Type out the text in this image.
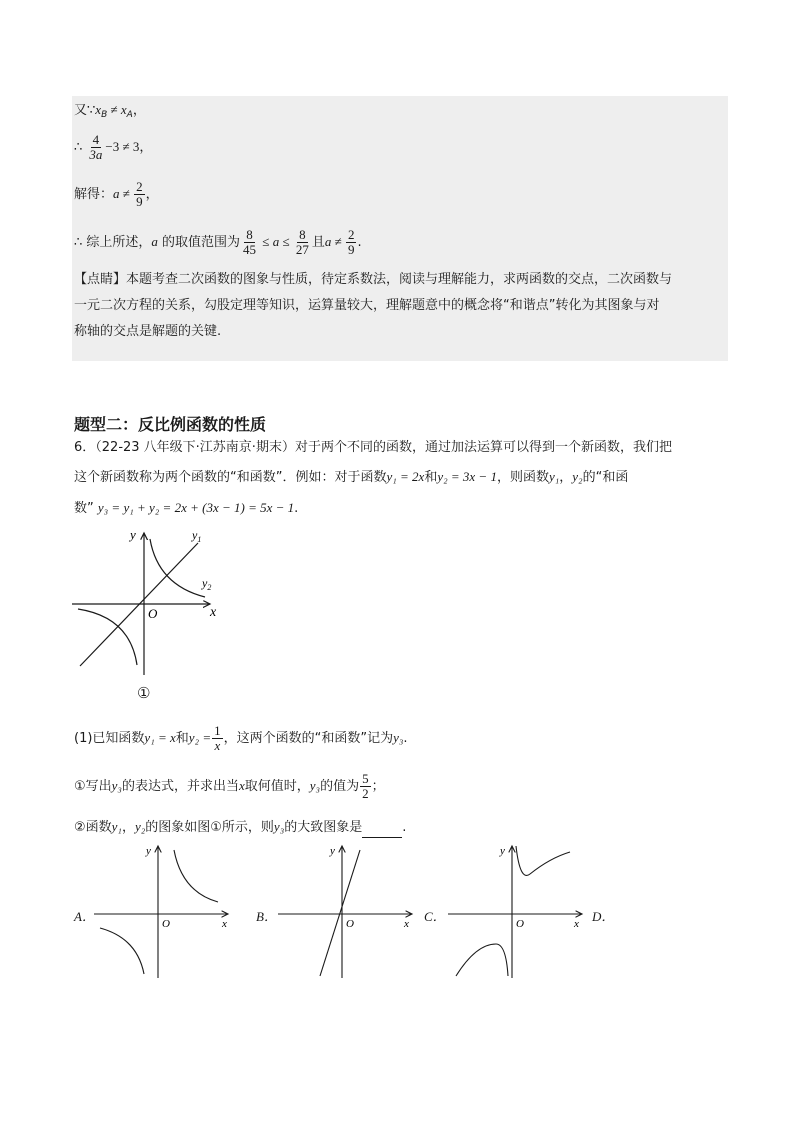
又$\because x_B \ne x_A$，
∴ $\frac{4}{3a} -3 \ne 3$，
解得：$a \ne \frac{2}{9}$ ，
∴ 综上所述，a 的取值范围为 $\frac{8}{45} \le a \le \frac{8}{27}$ 且$a \ne \frac{2}{9}$ .
【点睛】本题考查二次函数的图象与性质，待定系数法，阅读与理解能力，求两函数的交点，二次函数与
一元二次方程的关系，勾股定理等知识，运算量较大，理解题意中的概念将“和谐点”转化为其图象与对
称轴的交点是解题的关键.
题型二：反比例函数的性质
6．（22-23 八年级下·江苏南京·期末）对于两个不同的函数，通过加法运算可以得到一个新函数，我们把
这个新函数称为两个函数的“和函数”．例如：对于函数y₁ = 2x和y₂ = 3x − 1，则函数y₁，y₂的“和函
数” y₃ = y₁ + y₂ = 2x + (3x − 1) = 5x − 1.
y
x
O
$y_1$
$y_2$
①
(1)已知函数y₁ = x和$y_2 = \frac{1}{x}$ ，这两个函数的“和函数”记为y₃.
①写出y₃的表达式，并求出当x取何值时，y₃的值为 $\frac{5}{2}$ ；
②函数y₁，y₂的图象如图①所示，则y₃的大致图象是	.
A．
y
x
O	B．
y
x
O	C．
y
x
O	D．
